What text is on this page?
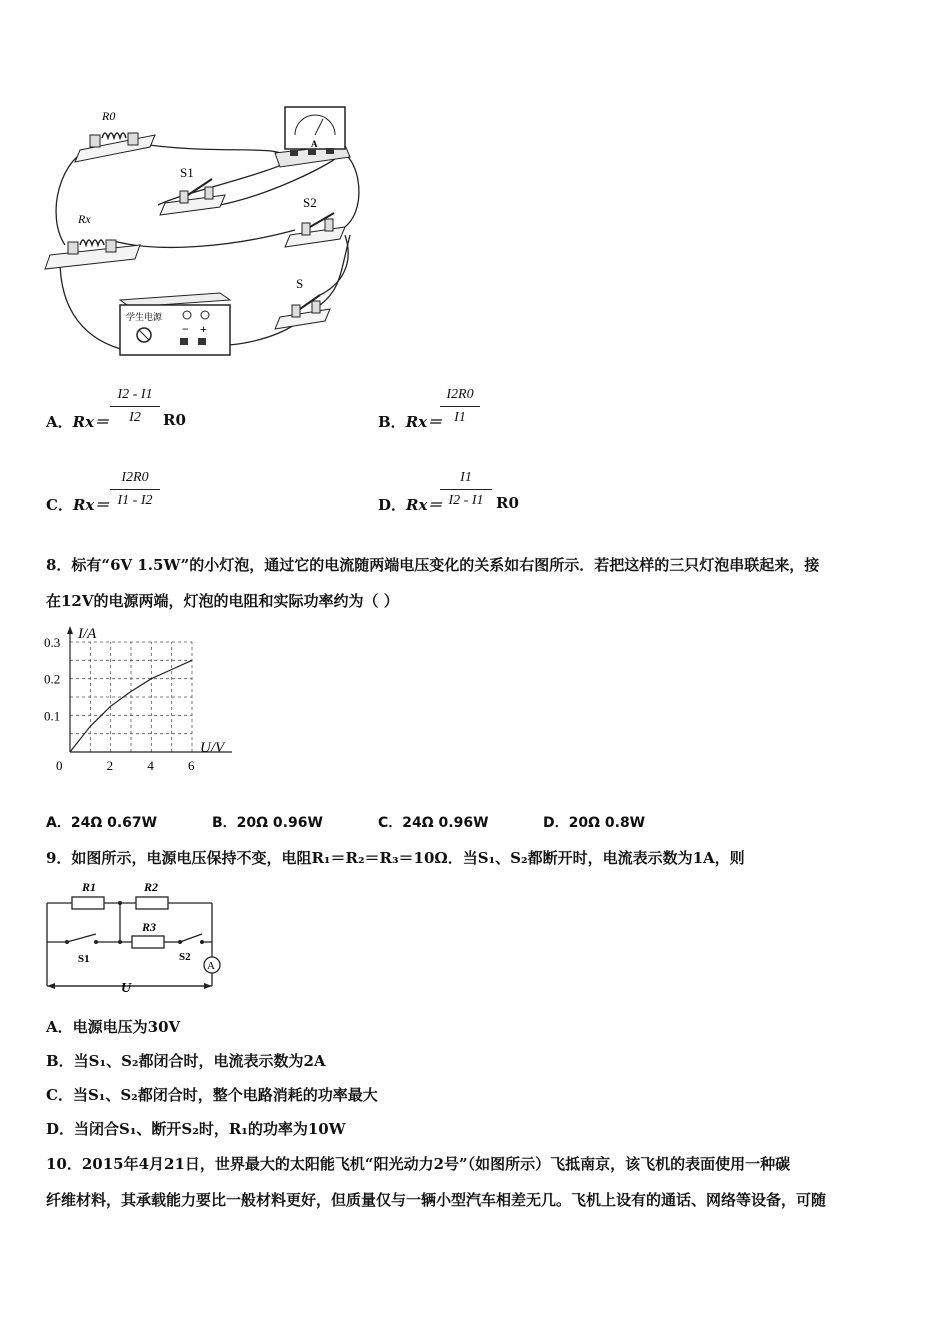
R0
Rx
A
S1
S2
S
学生电源
− +
A．Rx＝
I2 - I1
I2	R0	B．Rx＝
I2R0
I1
C．Rx＝
I2R0
I1 - I2	D．Rx＝
I1
I2 - I1 R0
8．标有“6V 1.5W”的小灯泡，通过它的电流随两端电压变化的关系如右图所示．若把这样的三只灯泡串联起来，接
在12V的电源两端，灯泡的电阻和实际功率约为（ ）
I/A
U/V
0	2	4	6
0.1
0.2
0.3
A．24Ω 0.67W	B．20Ω 0.96W	C．24Ω 0.96W	D．20Ω 0.8W
9．如图所示，电源电压保持不变，电阻R₁＝R₂＝R₃＝10Ω．当S₁、S₂都断开时，电流表示数为1A，则
A
R1	R2
R3
S1	S2
U
A．电源电压为30V
B．当S₁、S₂都闭合时，电流表示数为2A
C．当S₁、S₂都闭合时，整个电路消耗的功率最大
D．当闭合S₁、断开S₂时，R₁的功率为10W
10．2015年4月21日，世界最大的太阳能飞机“阳光动力2号”（如图所示）飞抵南京，该飞机的表面使用一种碳
纤维材料，其承载能力要比一般材料更好，但质量仅与一辆小型汽车相差无几。飞机上设有的通话、网络等设备，可随
